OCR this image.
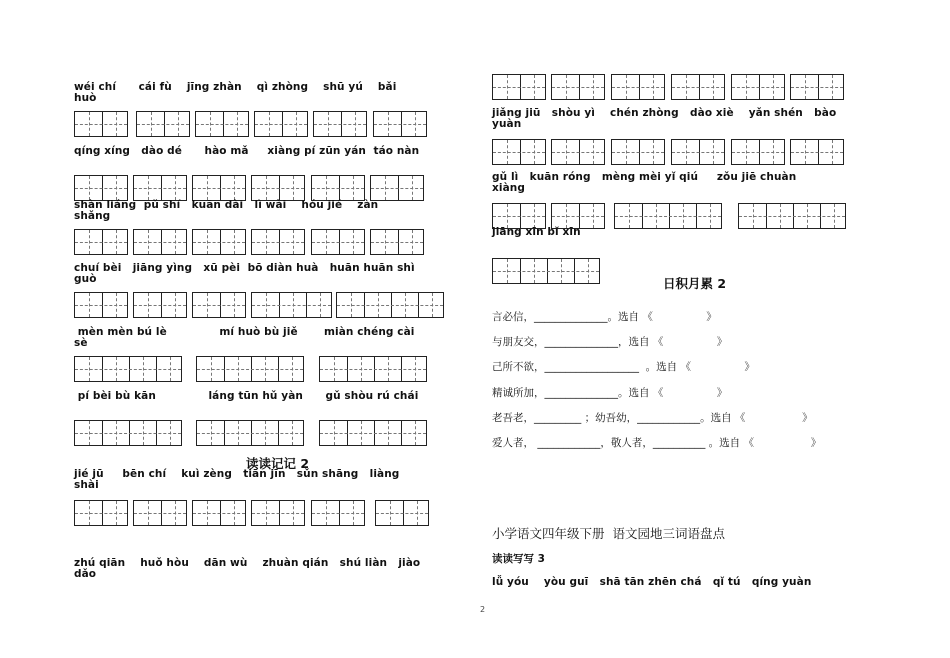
读读记记 2
日积月累 2
小学语文四年级下册  语文园地三词语盘点
读读写写 3
lǚ yóu    yòu guī   shā tān zhēn chá   qǐ tú   qíng yuàn
2
wéi chí      cái fù    jīng zhàn    qì zhòng    shū yú    bǎi
huò
qíng xíng   dào dé      hào mǎ     xiàng pí zūn yán  táo nàn
shàn liáng  pǔ shí   kuān dài   lì wài    hóu jié    zàn
shǎng
chuí bèi   jiāng yìng   xū pèi  bō diàn huà   huān huān shì
guò
mèn mèn bú lè              mí huò bù jiě       miàn chéng cài
sè
pí bèi bù kān              láng tūn hǔ yàn      gǔ shòu rú chái
jié jū     bēn chí    kuì zèng   tiān jīn   sǔn shāng   liàng
shài
zhú qiān    huǒ hòu    dān wù    zhuàn qián   shú liàn   jiào
dǎo
jiǎng jiū   shòu yì    chén zhòng   dào xiè    yǎn shén   bào
yuàn
gǔ lì   kuān róng   mèng mèi yǐ qiú     zǒu jiē chuàn
xiàng
jiāng xīn bǐ xīn
言必信，______________。选自 《                》
与朋友交，______________，选自 《                》
己所不欲，__________________  。选自 《                》
精诚所加，______________。选自 《                》
老吾老，_________ ；幼吾幼，____________。选自 《                 》
爱人者， ____________，敬人者，__________ 。选自 《                 》
